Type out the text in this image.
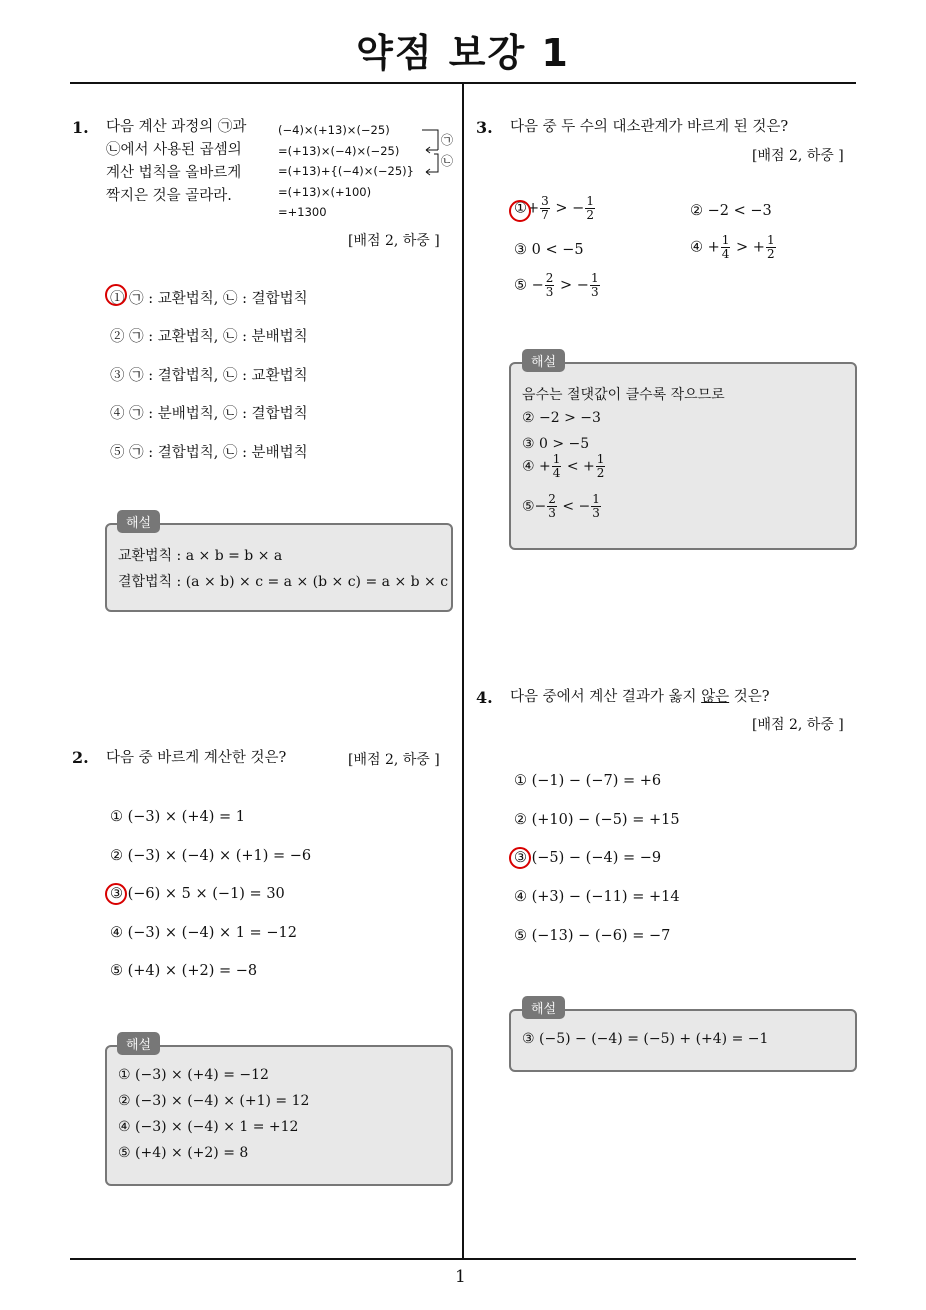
약점 보강 1
1
1. 다음 계산 과정의 ㉠과
㉡에서 사용된 곱셈의
계산 법칙을 올바르게
짝지은 것을 골라라.
(−4)×(+13)×(−25)
=(+13)×(−4)×(−25)
=(+13)+{(−4)×(−25)}
=(+13)×(+100)
=+1300
㉠
㉡
[배점 2, 하중 ]
① ㉠ : 교환법칙, ㉡ : 결합법칙
② ㉠ : 교환법칙, ㉡ : 분배법칙
③ ㉠ : 결합법칙, ㉡ : 교환법칙
④ ㉠ : 분배법칙, ㉡ : 결합법칙
⑤ ㉠ : 결합법칙, ㉡ : 분배법칙
해설
교환법칙 : a × b = b × a
결합법칙 : (a × b) × c = a × (b × c) = a × b × c
2. 다음 중 바르게 계산한 것은?	[배점 2, 하중 ]
① (−3) × (+4) = 1
② (−3) × (−4) × (+1) = −6
③ (−6) × 5 × (−1) = 30
④ (−3) × (−4) × 1 = −12
⑤ (+4) × (+2) = −8
해설
① (−3) × (+4) = −12
② (−3) × (−4) × (+1) = 12
④ (−3) × (−4) × 1 = +12
⑤ (+4) × (+2) = 8
3. 다음 중 두 수의 대소관계가 바르게 된 것은?
[배점 2, 하중 ]
①+ $\frac{3}{7}$ > − $\frac{1}{2}$	② −2 < −3
③ 0 < −5	④ + $\frac{1}{4}$ > + $\frac{1}{2}$
⑤ − $\frac{2}{3}$ > − $\frac{1}{3}$
해설
음수는 절댓값이 클수록 작으므로
② −2 > −3
③ 0 > −5
④ + $\frac{1}{4}$ < + $\frac{1}{2}$
⑤− $\frac{2}{3}$ < − $\frac{1}{3}$
4. 다음 중에서 계산 결과가 옳지 않은 것은?
[배점 2, 하중 ]
① (−1) − (−7) = +6
② (+10) − (−5) = +15
③ (−5) − (−4) = −9
④ (+3) − (−11) = +14
⑤ (−13) − (−6) = −7
해설
③ (−5) − (−4) = (−5) + (+4) = −1
